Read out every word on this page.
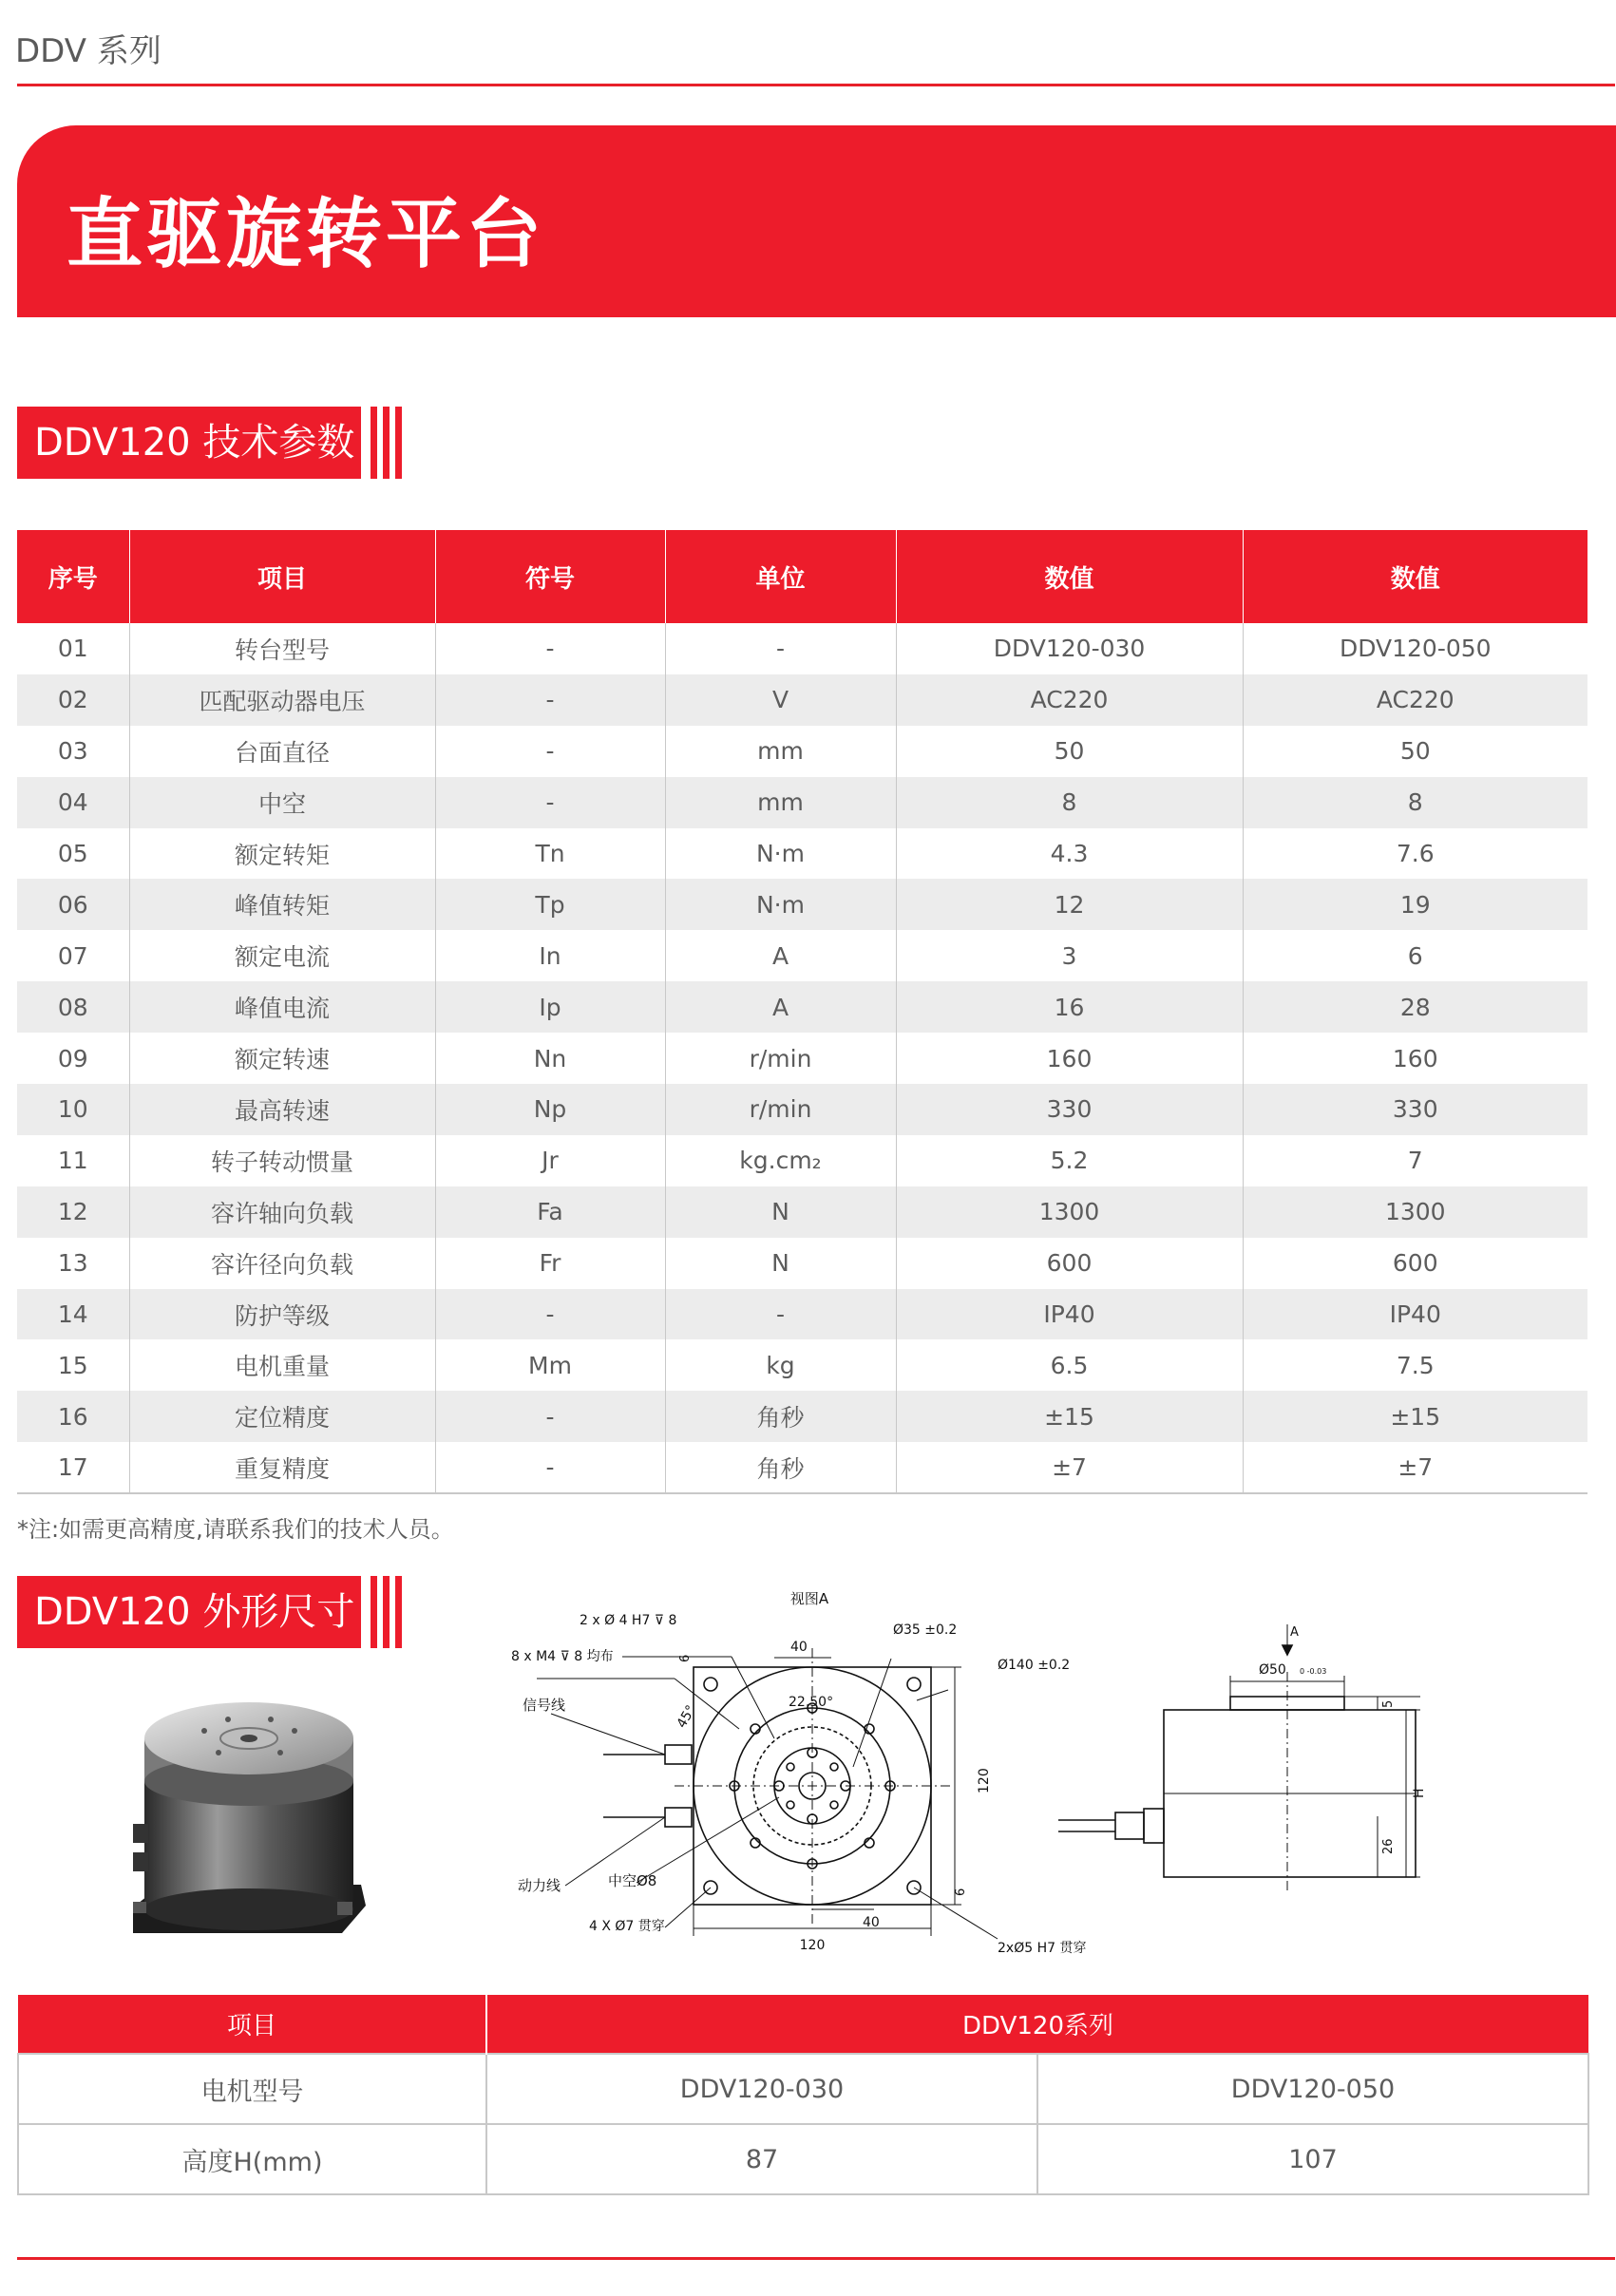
DDV 系列
直驱旋转平台
DDV120 技术参数
序号	项目	符号	单位	数值	数值
01	转台型号	-	-	DDV120-030	DDV120-050
02	匹配驱动器电压	-	V	AC220	AC220
03	台面直径	-	mm	50	50
04	中空	-	mm	8	8
05	额定转矩	Tn	N·m	4.3	7.6
06	峰值转矩	Tp	N·m	12	19
07	额定电流	In	A	3	6
08	峰值电流	Ip	A	16	28
09	额定转速	Nn	r/min	160	160
10	最高转速	Np	r/min	330	330
11	转子转动惯量	Jr	kg.cm₂	5.2	7
12	容许轴向负载	Fa	N	1300	1300
13	容许径向负载	Fr	N	600	600
14	防护等级	-	-	IP40	IP40
15	电机重量	Mm	kg	6.5	7.5
16	定位精度	-	角秒	±15	±15
17	重复精度	-	角秒	±7	±7
*注:如需更高精度,请联系我们的技术人员。
DDV120 外形尺寸	视图A
2 x Ø 4 H7 ⊽ 8
8 x M4 ⊽ 8 均布
信号线
动力线	中空Ø8
4 X Ø7 贯穿
2xØ5 H7 贯穿
Ø35 ±0.2
Ø140 ±0.2
40
40
120
120
22.50°
45°
6
6
A
Ø50 0 -0.03
5
H
26
项目	DDV120系列	
电机型号	DDV120-030	DDV120-050
高度H(mm)	87	107
